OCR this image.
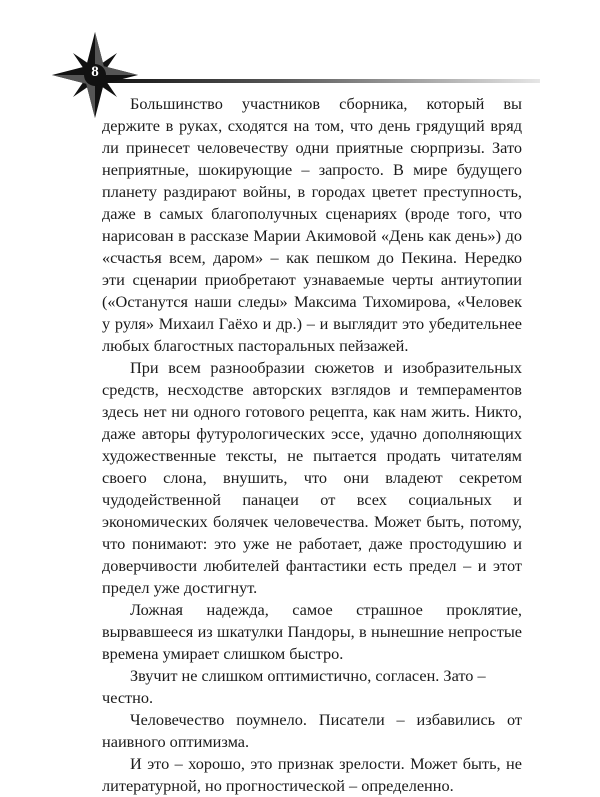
8

Большинство участников сборника, который вы держите в руках, сходятся на том, что день грядущий вряд ли принесет человечеству одни приятные сюрпризы. Зато неприятные, шокирующие – запросто. В мире будущего планету раздирают войны, в городах цветет преступность, даже в самых благополучных сценариях (вроде того, что нарисован в рассказе Марии Акимовой «День как день») до «счастья всем, даром» – как пешком до Пекина. Нередко эти сценарии приобретают узнаваемые черты антиутопии («Останутся наши следы» Максима Тихомирова, «Человек у руля» Михаил Гаёхо и др.) – и выглядит это убедительнее любых благостных пасторальных пейзажей.

При всем разнообразии сюжетов и изобразительных средств, несходстве авторских взглядов и темпераментов здесь нет ни одного готового рецепта, как нам жить. Никто, даже авторы футурологических эссе, удачно дополняющих художественные тексты, не пытается продать читателям своего слона, внушить, что они владеют секретом чудодейственной панацеи от всех социальных и экономических болячек человечества. Может быть, потому, что понимают: это уже не работает, даже простодушию и доверчивости любителей фантастики есть предел – и этот предел уже достигнут.

Ложная надежда, самое страшное проклятие, вырвавшееся из шкатулки Пандоры, в нынешние непростые времена умирает слишком быстро.

Звучит не слишком оптимистично, согласен. Зато – честно.

Человечество поумнело. Писатели – избавились от наивного оптимизма.

И это – хорошо, это признак зрелости. Может быть, не литературной, но прогностической – определенно.
